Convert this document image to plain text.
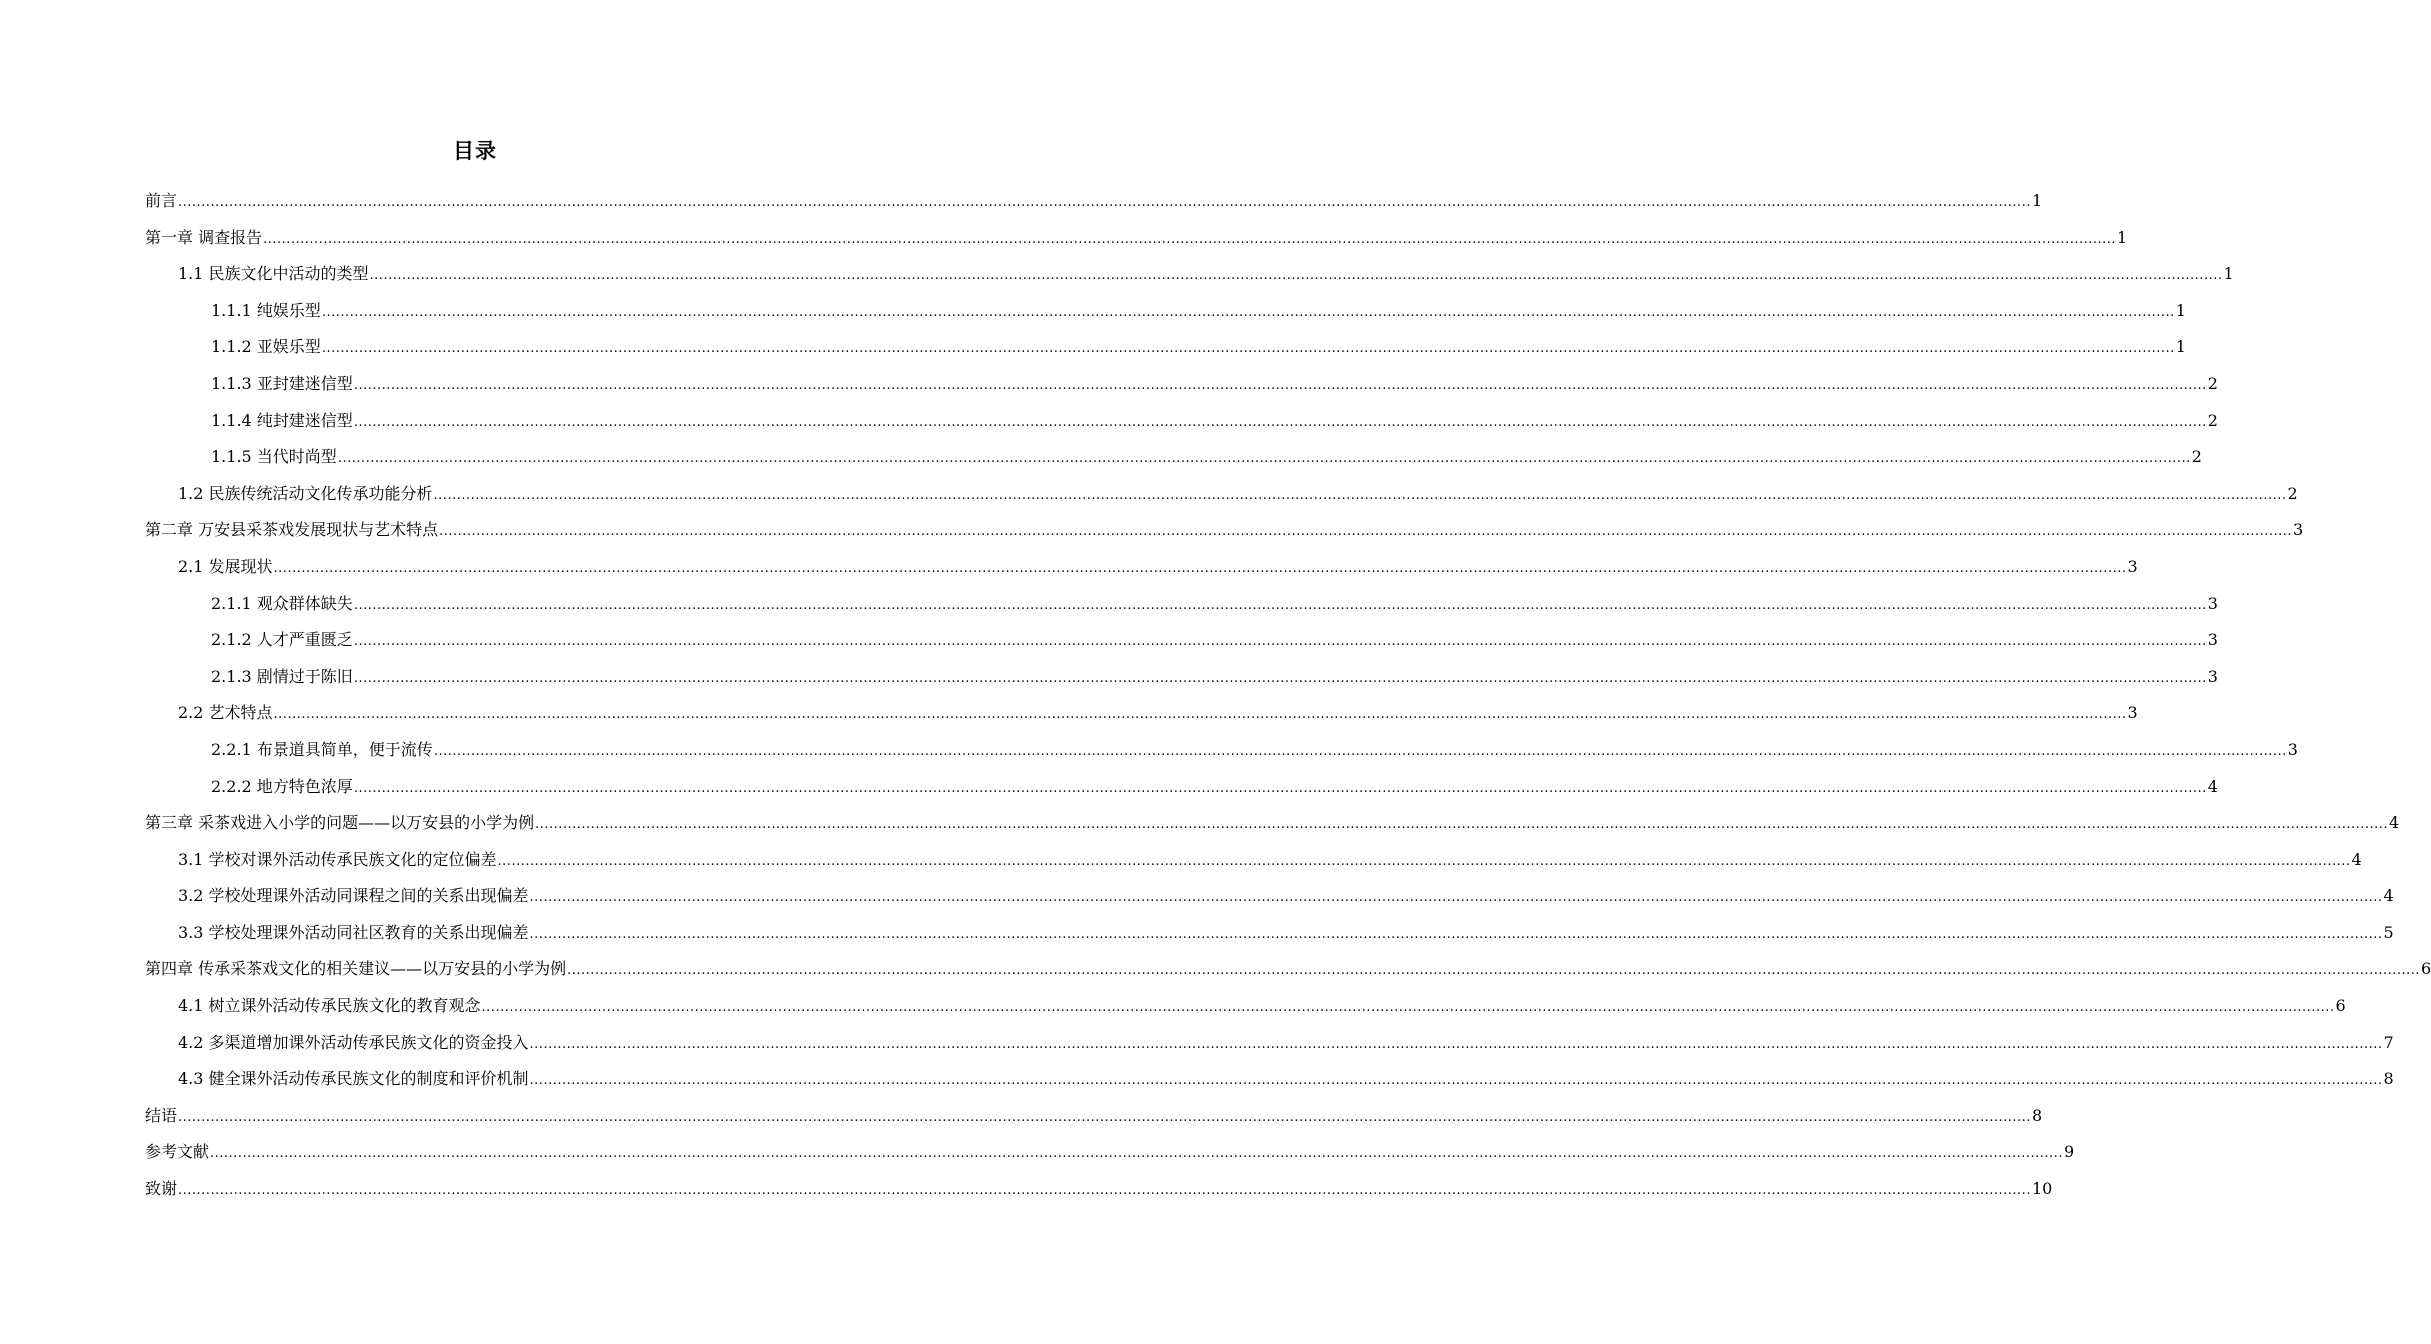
目录
前言 ................................................................................................................................................................................................................................................................................................................................................................................................................ 1
第一章 调查报告 ................................................................................................................................................................................................................................................................................................................................................................................................................ 1
1.1 民族文化中活动的类型 ................................................................................................................................................................................................................................................................................................................................................................................................................ 1
1.1.1 纯娱乐型 ................................................................................................................................................................................................................................................................................................................................................................................................................ 1
1.1.2 亚娱乐型 ................................................................................................................................................................................................................................................................................................................................................................................................................ 1
1.1.3 亚封建迷信型 ................................................................................................................................................................................................................................................................................................................................................................................................................ 2
1.1.4 纯封建迷信型 ................................................................................................................................................................................................................................................................................................................................................................................................................ 2
1.1.5 当代时尚型 ................................................................................................................................................................................................................................................................................................................................................................................................................ 2
1.2 民族传统活动文化传承功能分析 ................................................................................................................................................................................................................................................................................................................................................................................................................ 2
第二章 万安县采茶戏发展现状与艺术特点 ................................................................................................................................................................................................................................................................................................................................................................................................................ 3
2.1 发展现状 ................................................................................................................................................................................................................................................................................................................................................................................................................ 3
2.1.1 观众群体缺失 ................................................................................................................................................................................................................................................................................................................................................................................................................ 3
2.1.2 人才严重匮乏 ................................................................................................................................................................................................................................................................................................................................................................................................................ 3
2.1.3 剧情过于陈旧 ................................................................................................................................................................................................................................................................................................................................................................................................................ 3
2.2 艺术特点 ................................................................................................................................................................................................................................................................................................................................................................................................................ 3
2.2.1 布景道具简单，便于流传 ................................................................................................................................................................................................................................................................................................................................................................................................................ 3
2.2.2 地方特色浓厚 ................................................................................................................................................................................................................................................................................................................................................................................................................ 4
第三章 采茶戏进入小学的问题——以万安县的小学为例 ................................................................................................................................................................................................................................................................................................................................................................................................................ 4
3.1 学校对课外活动传承民族文化的定位偏差 ................................................................................................................................................................................................................................................................................................................................................................................................................ 4
3.2 学校处理课外活动同课程之间的关系出现偏差 ................................................................................................................................................................................................................................................................................................................................................................................................................ 4
3.3 学校处理课外活动同社区教育的关系出现偏差 ................................................................................................................................................................................................................................................................................................................................................................................................................ 5
第四章 传承采茶戏文化的相关建议——以万安县的小学为例 ................................................................................................................................................................................................................................................................................................................................................................................................................ 6
4.1 树立课外活动传承民族文化的教育观念 ................................................................................................................................................................................................................................................................................................................................................................................................................ 6
4.2 多渠道增加课外活动传承民族文化的资金投入 ................................................................................................................................................................................................................................................................................................................................................................................................................ 7
4.3 健全课外活动传承民族文化的制度和评价机制 ................................................................................................................................................................................................................................................................................................................................................................................................................ 8
结语 ................................................................................................................................................................................................................................................................................................................................................................................................................ 8
参考文献 ................................................................................................................................................................................................................................................................................................................................................................................................................ 9
致谢 ................................................................................................................................................................................................................................................................................................................................................................................................................ 10
